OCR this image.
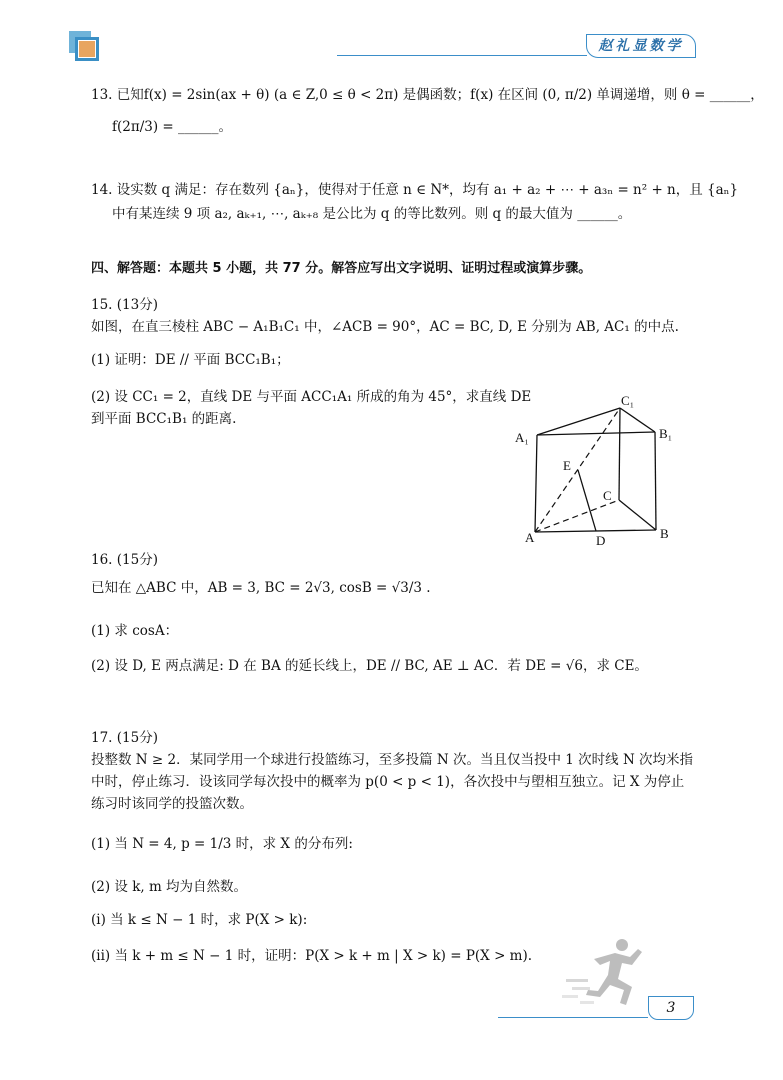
赵礼显数学
13. 已知f(x) = 2sin(ax + θ) (a ∈ Z,0 ≤ θ < 2π) 是偶函数；f(x) 在区间 (0, π/2) 单调递增，则 θ = ______，
f(2π/3) = ______。
14. 设实数 q 满足：存在数列 {aₙ}，使得对于任意 n ∈ N*，均有 a₁ + a₂ + ⋯ + a₃ₙ = n² + n，且 {aₙ}
中有某连续 9 项 a₂, aₖ₊₁, ⋯, aₖ₊₈ 是公比为 q 的等比数列。则 q 的最大值为 ______。
四、解答题：本题共 5 小题，共 77 分。解答应写出文字说明、证明过程或演算步骤。
15. (13分)
如图，在直三棱柱 ABC − A₁B₁C₁ 中，∠ACB = 90°，AC = BC, D, E 分别为 AB, AC₁ 的中点.
(1) 证明：DE // 平面 BCC₁B₁；
(2) 设 CC₁ = 2，直线 DE 与平面 ACC₁A₁ 所成的角为 45°，求直线 DE
到平面 BCC₁B₁ 的距离.
C₁
A₁	B₁
E
C
A	D	B
16. (15分)
已知在 △ABC 中，AB = 3, BC = 2√3, cosB = √3/3 .
(1) 求 cosA：
(2) 设 D, E 两点满足: D 在 BA 的延长线上，DE // BC, AE ⊥ AC．若 DE = √6，求 CE。
17. (15分)
投整数 N ≥ 2．某同学用一个球进行投篮练习，至多投篇 N 次。当且仅当投中 1 次时线 N 次均米指
中时，停止练习．设该同学每次投中的概率为 p(0 < p < 1)，各次投中与塱相互独立。记 X 为停止
练习时该同学的投篮次数。
(1) 当 N = 4, p = 1/3 时，求 X 的分布列:
(2) 设 k, m 均为自然数。
(i) 当 k ≤ N − 1 时，求 P(X > k):
(ii) 当 k + m ≤ N − 1 时，证明：P(X > k + m | X > k) = P(X > m).
3
